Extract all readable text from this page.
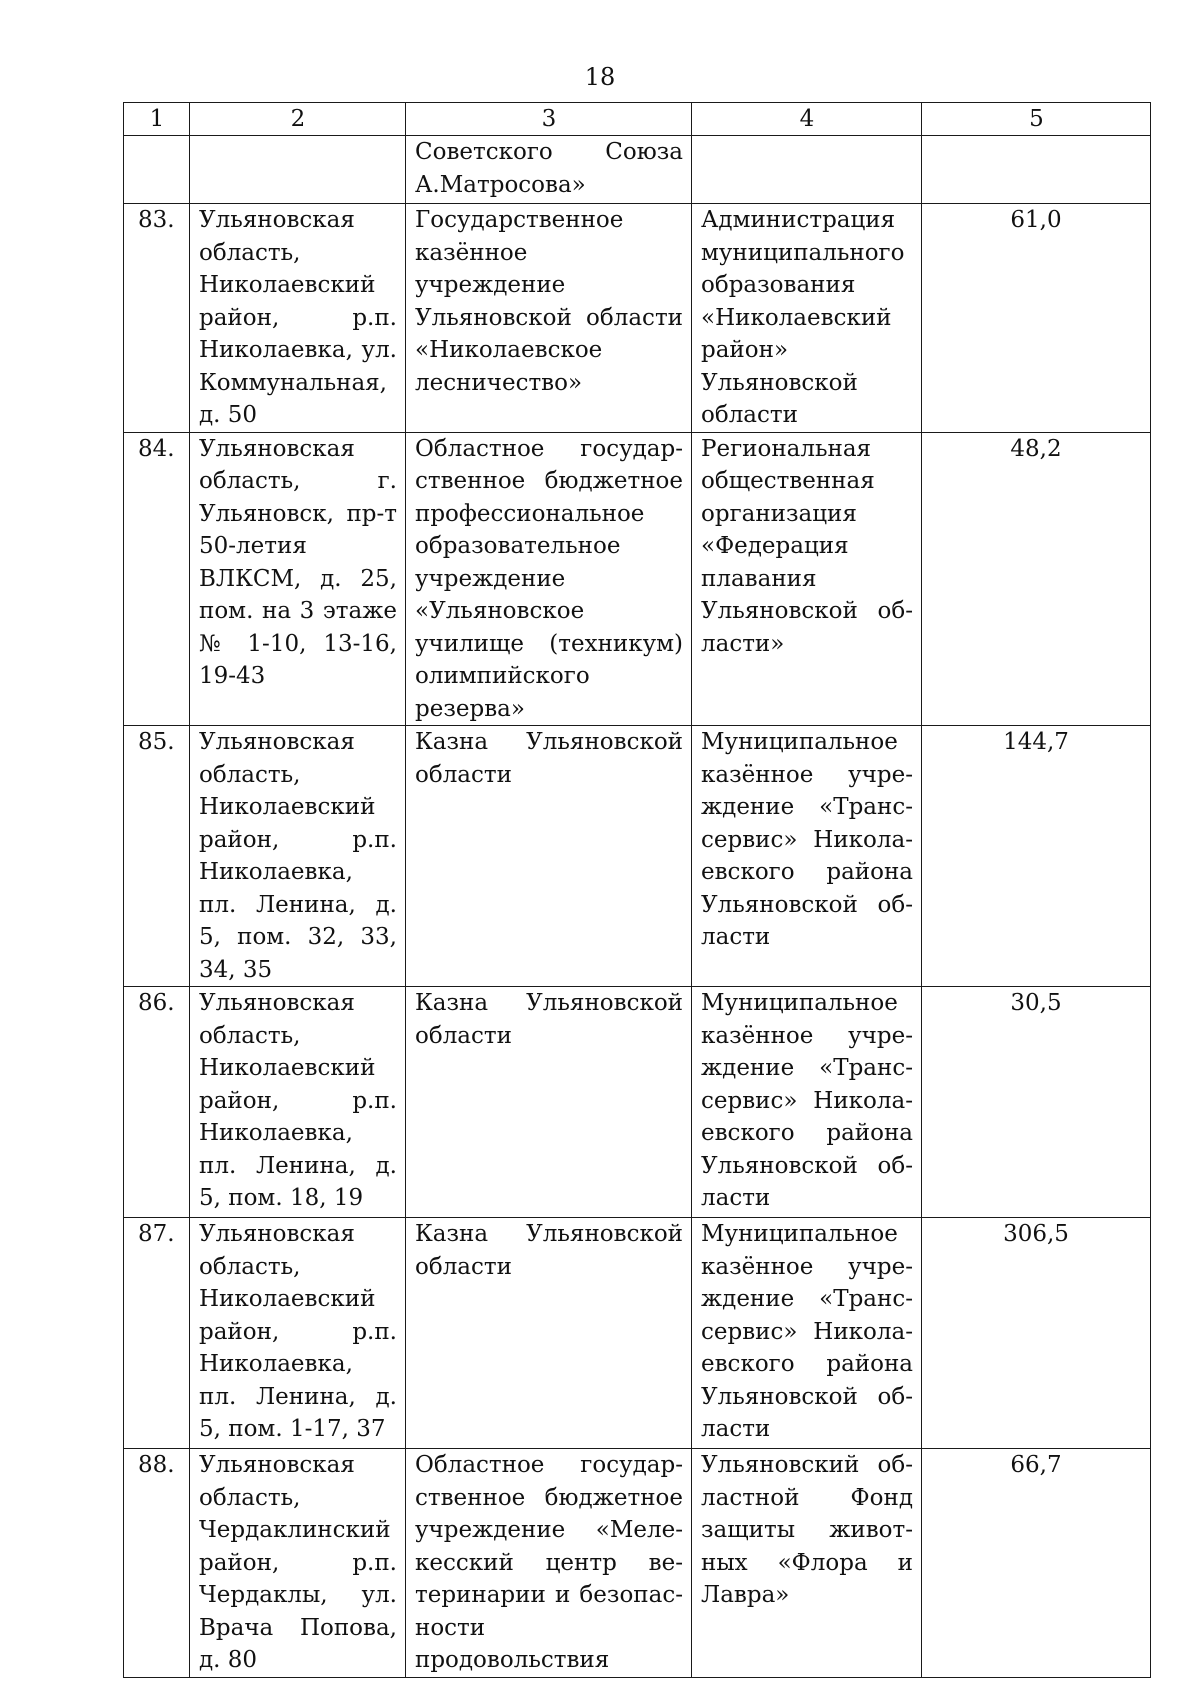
18
1	2	3	4	5
		Советского Союза А.Матросова»		
83.	Ульяновская область, Николаевский район, р.п. Николаевка, ул. Коммунальная, д. 50	Государственное казённое учреждение Ульяновской области «Николаевское лесничество»	Администрация муниципального образования «Николаевский район» Ульяновской области	61,0
84.	Ульяновская область, г. Ульяновск, пр-т 50-летия ВЛКСМ, д. 25, пом. на 3 этаже № 1-10, 13-16, 19-43	Областное государственное бюджетное профессиональное образовательное учреждение «Ульяновское училище (техникум) олимпийского резерва»	Региональная общественная организация «Федерация плавания Ульяновской области»	48,2
85.	Ульяновская область, Николаевский район, р.п. Николаевка, пл. Ленина, д. 5, пом. 32, 33, 34, 35	Казна Ульяновской области	Муниципальное казённое учреждение «Транссервис» Николаевского района Ульяновской области	144,7
86.	Ульяновская область, Николаевский район, р.п. Николаевка, пл. Ленина, д. 5, пом. 18, 19	Казна Ульяновской области	Муниципальное казённое учреждение «Транссервис» Николаевского района Ульяновской области	30,5
87.	Ульяновская область, Николаевский район, р.п. Николаевка, пл. Ленина, д. 5, пом. 1-17, 37	Казна Ульяновской области	Муниципальное казённое учреждение «Транссервис» Николаевского района Ульяновской области	306,5
88.	Ульяновская область, Чердаклинский район, р.п. Чердаклы, ул. Врача Попова, д. 80	Областное государственное бюджетное учреждение «Мелекесский центр ветеринарии и безопасности продовольствия	Ульяновский областной Фонд защиты животных «Флора и Лавра»	66,7
